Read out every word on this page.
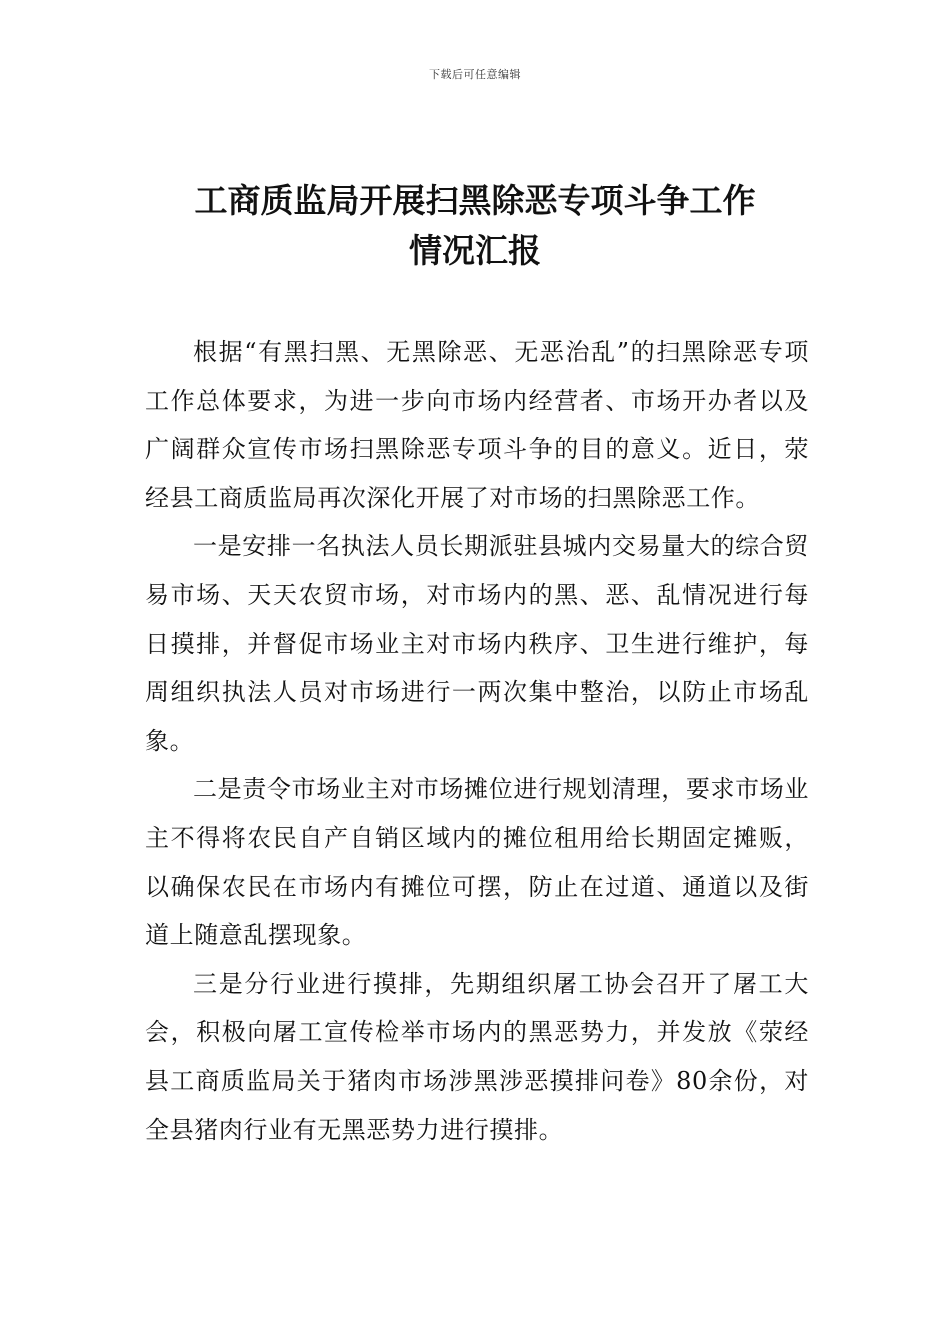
下载后可任意编辑
工商质监局开展扫黑除恶专项斗争工作
情况汇报

根据“有黑扫黑、无黑除恶、无恶治乱”的扫黑除恶专项工作总体要求，为进一步向市场内经营者、市场开办者以及广阔群众宣传市场扫黑除恶专项斗争的目的意义。近日，荥经县工商质监局再次深化开展了对市场的扫黑除恶工作。

一是安排一名执法人员长期派驻县城内交易量大的综合贸易市场、天天农贸市场，对市场内的黑、恶、乱情况进行每日摸排，并督促市场业主对市场内秩序、卫生进行维护，每周组织执法人员对市场进行一两次集中整治，以防止市场乱象。

二是责令市场业主对市场摊位进行规划清理，要求市场业主不得将农民自产自销区域内的摊位租用给长期固定摊贩，以确保农民在市场内有摊位可摆，防止在过道、通道以及街道上随意乱摆现象。

三是分行业进行摸排，先期组织屠工协会召开了屠工大会，积极向屠工宣传检举市场内的黑恶势力，并发放《荥经县工商质监局关于猪肉市场涉黑涉恶摸排问卷》80余份，对全县猪肉行业有无黑恶势力进行摸排。
